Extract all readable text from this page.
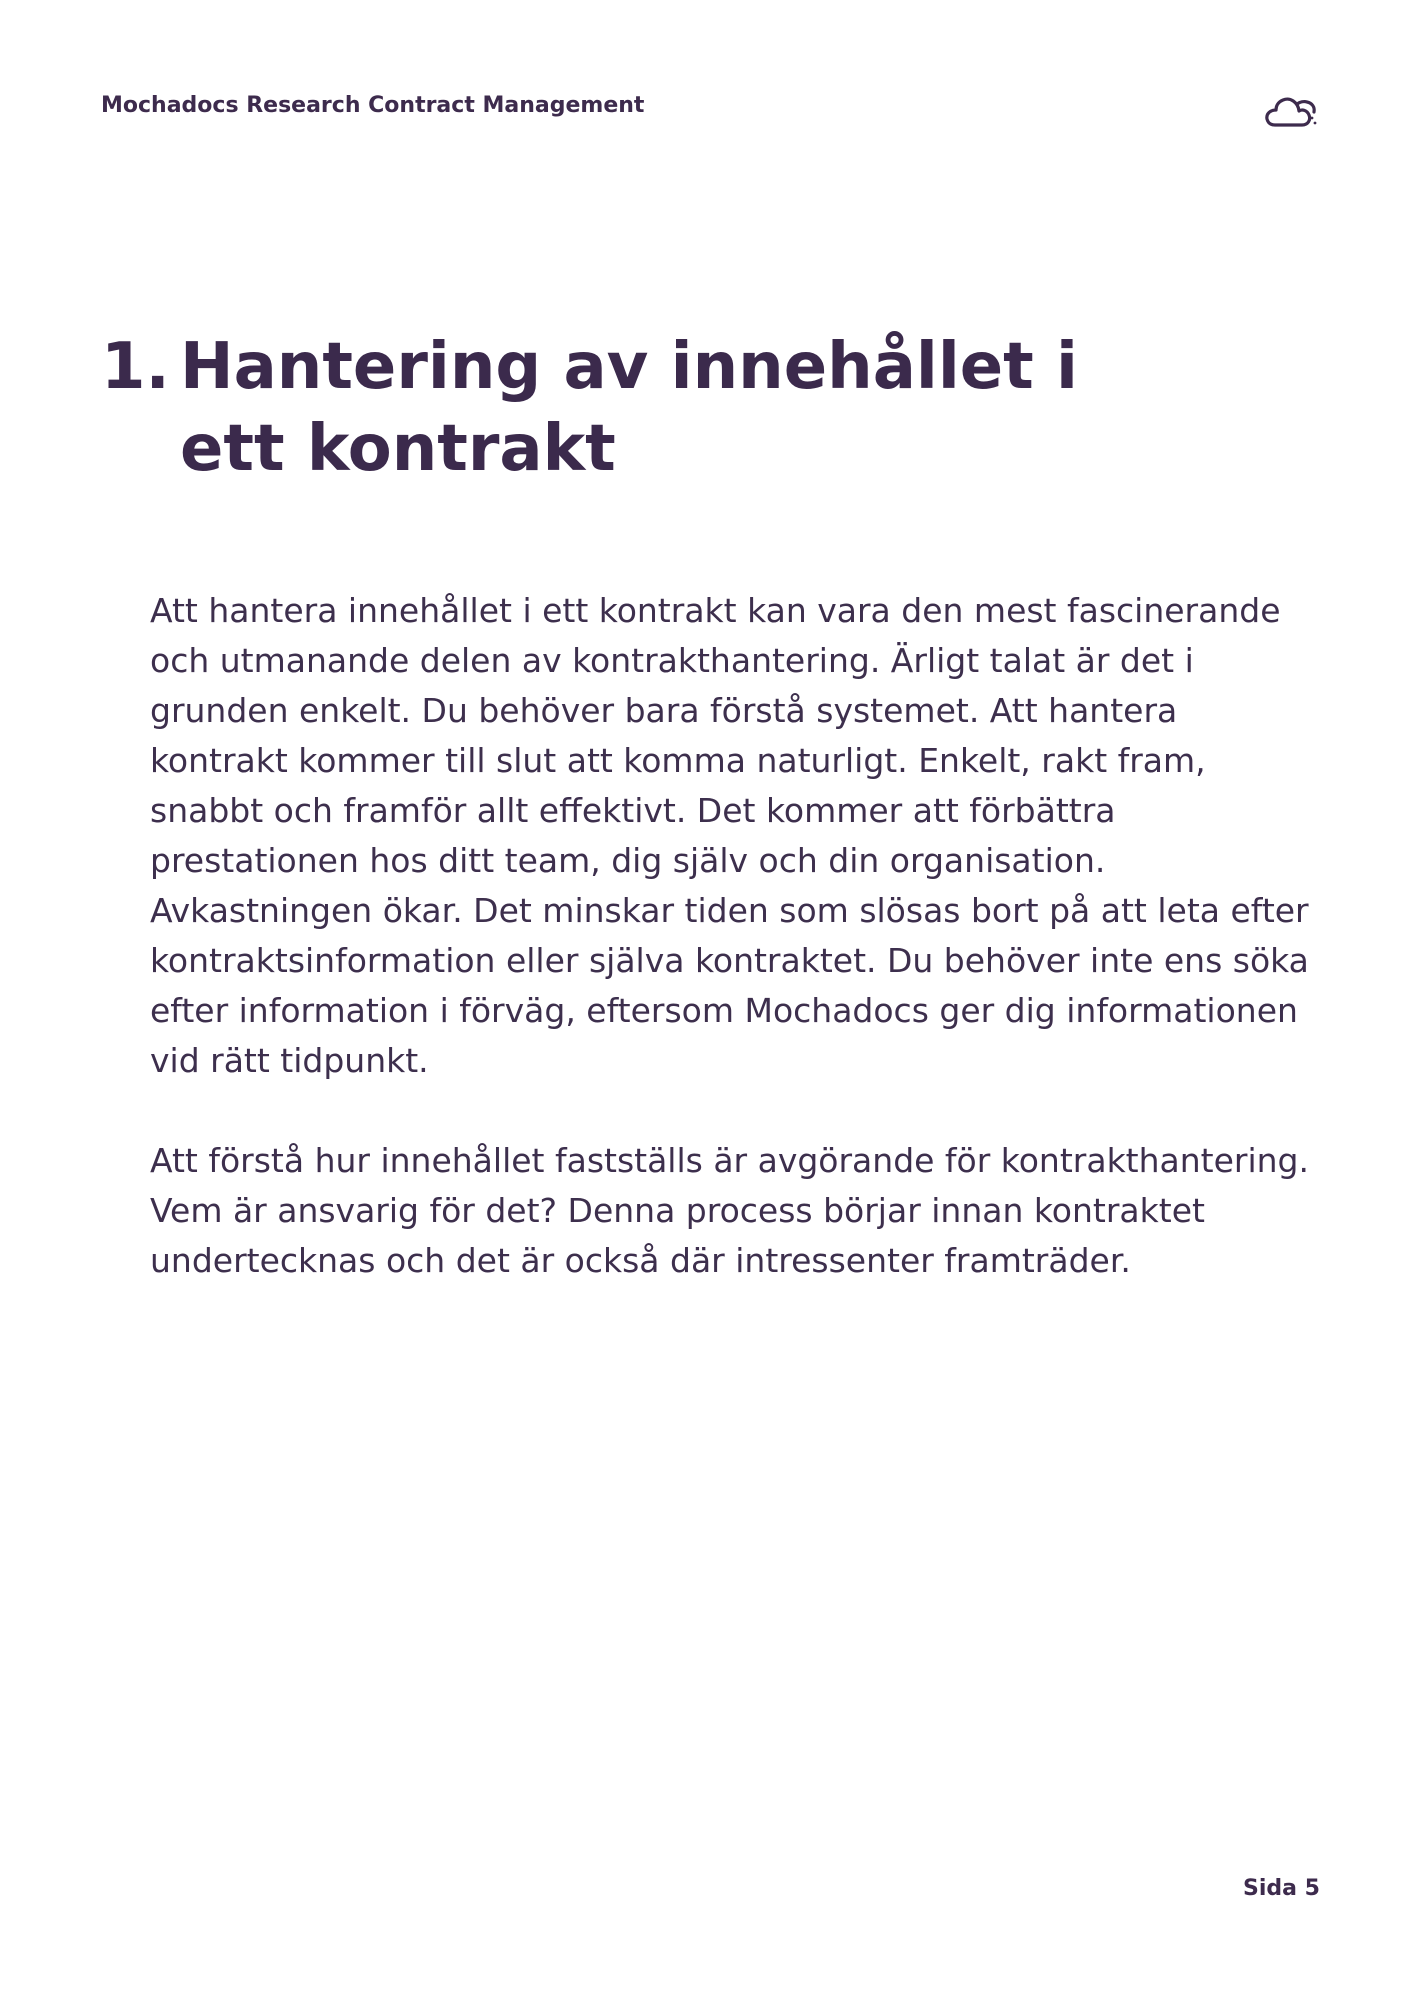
Mochadocs Research Contract Management
1. Hantering av innehållet i ett kontrakt

Att hantera innehållet i ett kontrakt kan vara den mest fascinerande och utmanande delen av kontrakthantering. Ärligt talat är det i grunden enkelt. Du behöver bara förstå systemet. Att hantera kontrakt kommer till slut att komma naturligt. Enkelt, rakt fram, snabbt och framför allt effektivt. Det kommer att förbättra prestationen hos ditt team, dig själv och din organisation. Avkastningen ökar. Det minskar tiden som slösas bort på att leta efter kontraktsinformation eller själva kontraktet. Du behöver inte ens söka efter information i förväg, eftersom Mochadocs ger dig informationen vid rätt tidpunkt.

Att förstå hur innehållet fastställs är avgörande för kontrakthantering. Vem är ansvarig för det? Denna process börjar innan kontraktet undertecknas och det är också där intressenter framträder.

Sida 5
